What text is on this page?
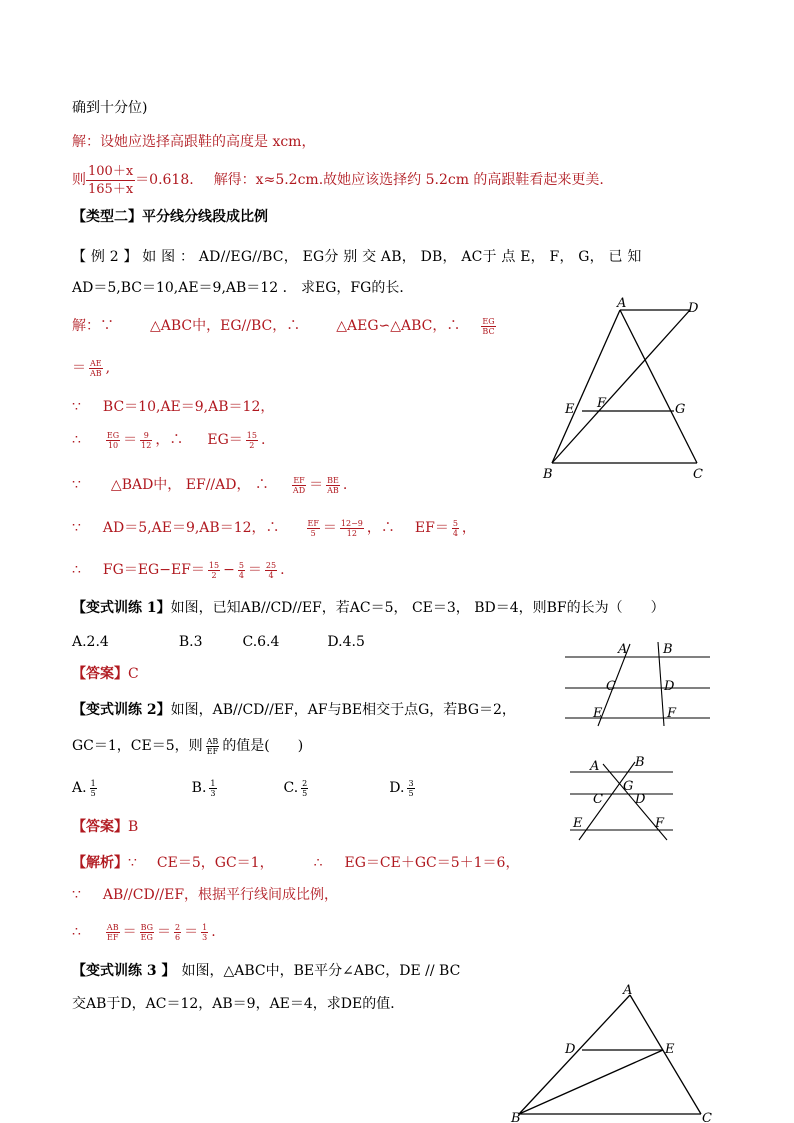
确到十分位)
解：设她应选择高跟鞋的高度是 xcm，
则 $\frac{100+x}{165+x} =0.618$. 解得：x≈5.2cm.故她应该选择约 5.2cm 的高跟鞋看起来更美.
【类型二】平分线分线段成比例
【 例 2 】 如 图 ： AD//EG//BC， EG分 别 交 AB， DB， AC于 点 E， F， G， 已 知
AD＝5,BC＝10,AE＝9,AB＝12 ． 求EG，FG的长．
解：∵	△ABC中，EG//BC，∴	△AEG∽△ABC，∴	$\frac{EG}{BC}$
＝ $\frac{AE}{AB}$ ,
∵ BC＝10,AE＝9,AB＝12，
∴	$\frac{EG}{10} = \frac{9}{12}$ ，∴ $EG= \frac{15}{2}$ .
∵ △BAD中， EF//AD， ∴	$\frac{EF}{AD} = \frac{BE}{AB}$ .
∵ AD＝5,AE＝9,AB＝12，∴	$\frac{EF}{5} = \frac{12-9}{12}$ ，∴ $EF= \frac{5}{4}$ ，
∴ $FG=EG-EF= \frac{15}{2} - \frac{5}{4} = \frac{25}{4}$ .
【变式训练 1】如图，已知AB//CD//EF，若AC＝5， CE＝3， BD＝4，则BF的长为（　　）
A.2.4	B.3	C.6.4	D.4.5
【答案】C
【变式训练 2】如图，AB//CD//EF，AF与BE相交于点G，若BG＝2，
GC＝1，CE＝5，则 $\frac{AB}{EF}$ 的值是(　　)
A. $\frac{1}{5}$	B. $\frac{1}{3}$	C. $\frac{2}{5}$	D. $\frac{3}{5}$
【答案】B
【解析】∵ CE＝5，GC＝1，	∴ EG＝CE＋GC＝5＋1＝6，
∵ AB//CD//EF，根据平行线间成比例，
∴	$\frac{AB}{EF} = \frac{BG}{EG} = \frac{2}{6} = \frac{1}{3}$ .
【变式训练 3 】 如图，△ABC中，BE平分∠ABC，DE // BC
交AB于D，AC＝12，AB＝9，AE＝4，求DE的值．
A	D
E F	G
B	C
A	B
C	D
E	F
A	B
G
C D
E	F
A
D	E
B	C
